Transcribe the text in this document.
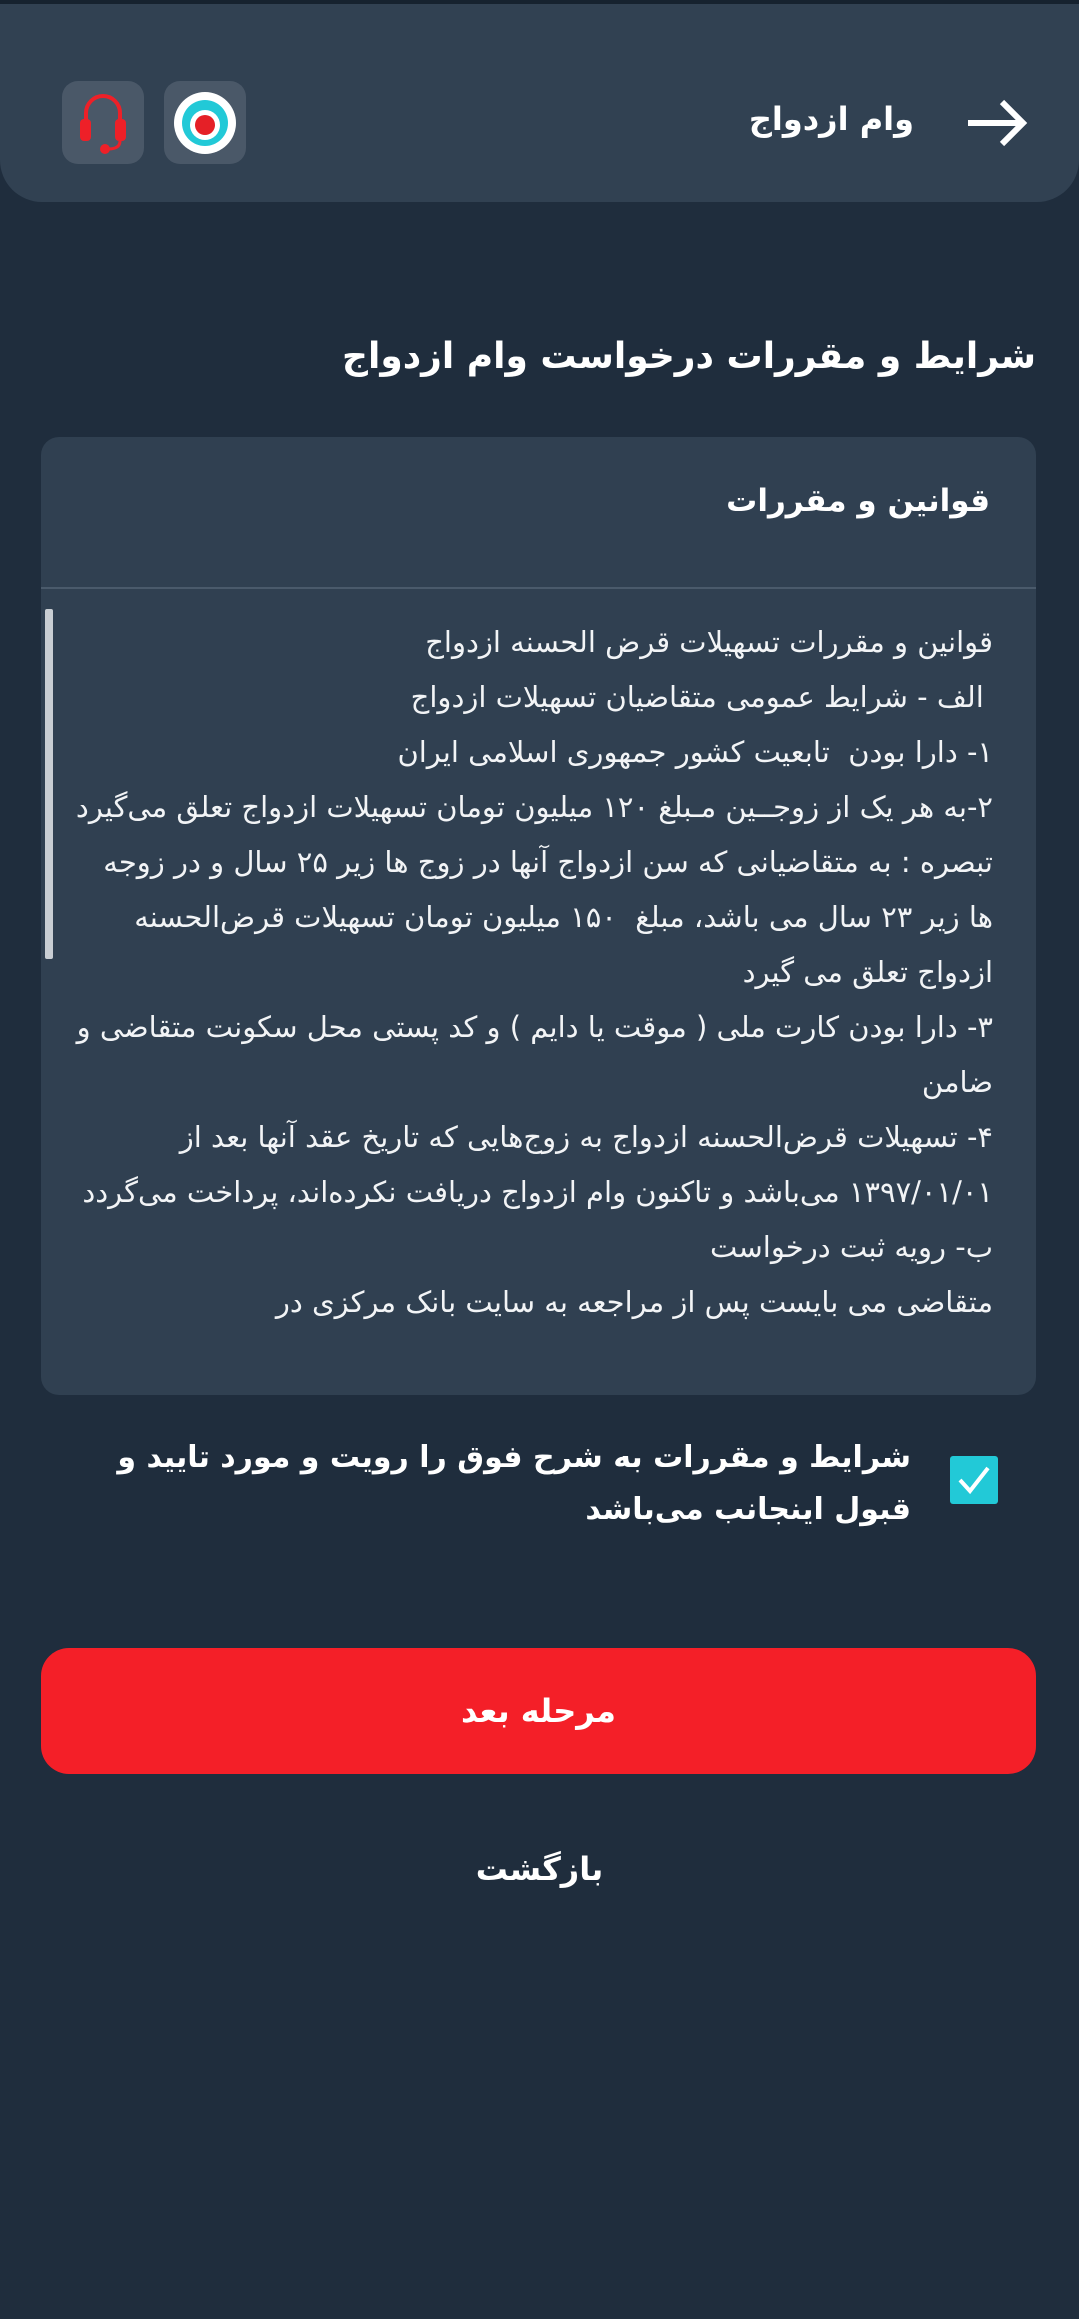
وام ازدواج
شرایط و مقررات درخواست وام ازدواج
قوانین و مقررات
قوانین و مقررات تسهیلات قرض الحسنه ازدواج
الف - شرایط عمومی متقاضیان تسهیلات ازدواج
۱- دارا بودن  تابعیت کشور جمهوری اسلامی ایران
۲-به هر یک از زوجــین مـبلغ ۱۲۰ میلیون تومان تسهیلات ازدواج تعلق می‌گیرد
تبصره : به متقاضیانی که سن ازدواج آنها در زوج ها زیر ۲۵ سال و در زوجه ها زیر ۲۳ سال می باشد، مبلغ  ۱۵۰ میلیون تومان تسهیلات قرض‌الحسنه ازدواج تعلق می گیرد
۳- دارا بودن کارت ملی ( موقت یا دایم ) و کد پستی محل سکونت متقاضی و ضامن
۴- تسهیلات قرض‌الحسنه ازدواج به زوج‌هایی که تاریخ عقد آنها بعد از ۱۳۹۷/۰۱/۰۱ می‌باشد و تاکنون وام ازدواج دریافت نکرده‌اند، پرداخت می‌گردد
ب- رویه ثبت درخواست
متقاضی می بایست پس از مراجعه به سایت بانک مرکزی در
شرایط و مقررات به شرح فوق را رویت و مورد تایید و قبول اینجانب می‌باشد
مرحله بعد
بازگشت
